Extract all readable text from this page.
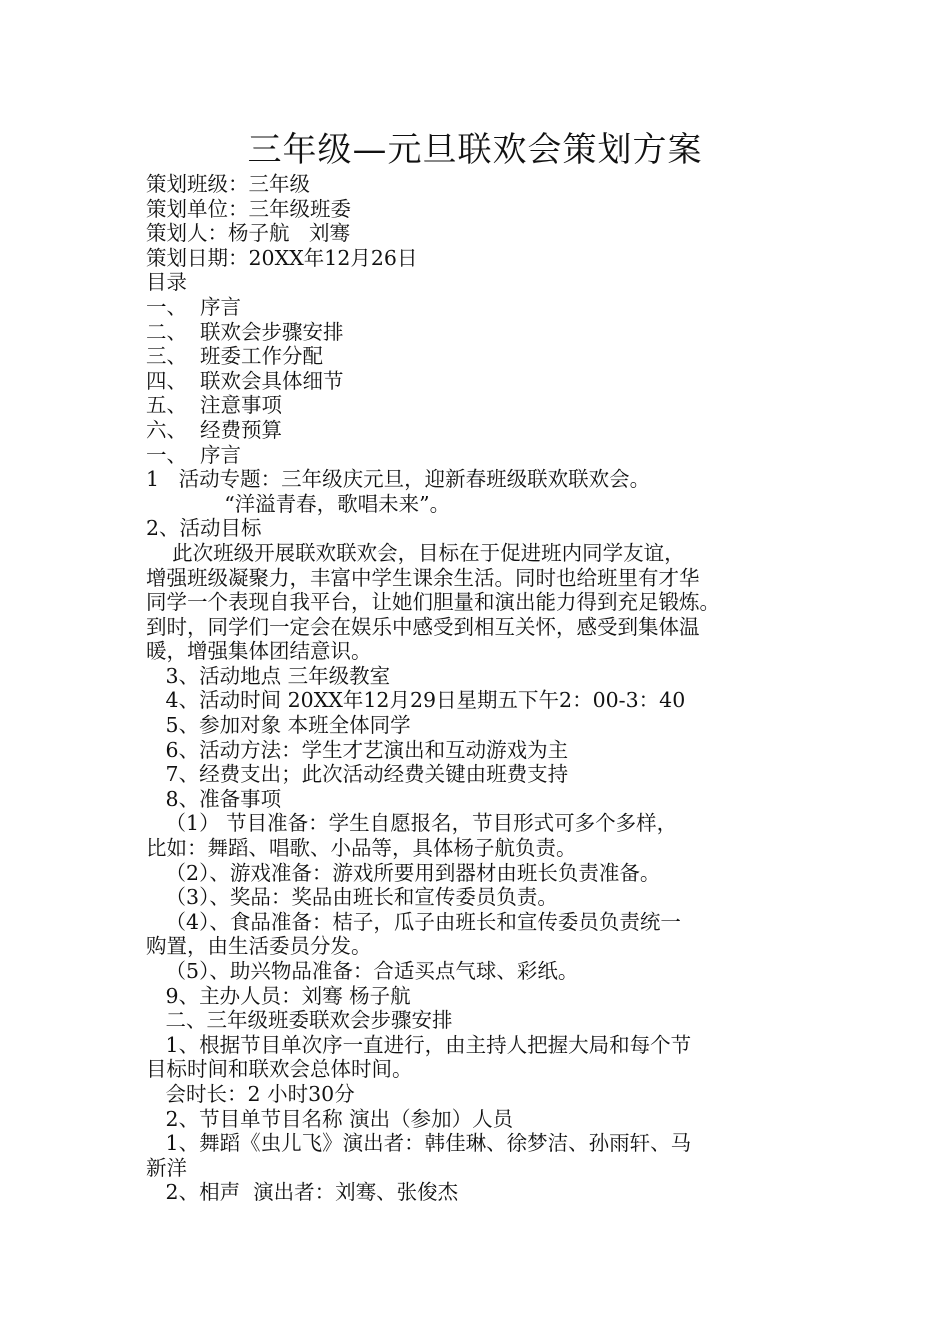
三年级—元旦联欢会策划方案
策划班级：三年级
策划单位：三年级班委
策划人：杨子航   刘骞
策划日期：20XX年12月26日
目录
一、  序言
二、  联欢会步骤安排
三、  班委工作分配
四、  联欢会具体细节
五、  注意事项
六、  经费预算
一、  序言
1   活动专题：三年级庆元旦，迎新春班级联欢联欢会。
“洋溢青春，歌唱未来”。
2、活动目标
此次班级开展联欢联欢会，目标在于促进班内同学友谊，
增强班级凝聚力，丰富中学生课余生活。同时也给班里有才华
同学一个表现自我平台，让她们胆量和演出能力得到充足锻炼。
到时，同学们一定会在娱乐中感受到相互关怀，感受到集体温
暖，增强集体团结意识。
3、活动地点 三年级教室
4、活动时间 20XX年12月29日星期五下午2：00-3：40
5、参加对象 本班全体同学
6、活动方法：学生才艺演出和互动游戏为主
7、经费支出；此次活动经费关键由班费支持
8、准备事项
（1） 节目准备：学生自愿报名，节目形式可多个多样，
比如：舞蹈、唱歌、小品等，具体杨子航负责。
（2）、游戏准备：游戏所要用到器材由班长负责准备。
（3）、奖品：奖品由班长和宣传委员负责。
（4）、食品准备：桔子，瓜子由班长和宣传委员负责统一
购置，由生活委员分发。
（5）、助兴物品准备：合适买点气球、彩纸。
9、主办人员：刘骞 杨子航
二、三年级班委联欢会步骤安排
1、根据节目单次序一直进行，由主持人把握大局和每个节
目标时间和联欢会总体时间。
会时长：2 小时30分
2、节目单节目名称 演出（参加）人员
1、舞蹈《虫儿飞》演出者：韩佳琳、徐梦洁、孙雨轩、马
新洋
2、相声  演出者：刘骞、张俊杰
